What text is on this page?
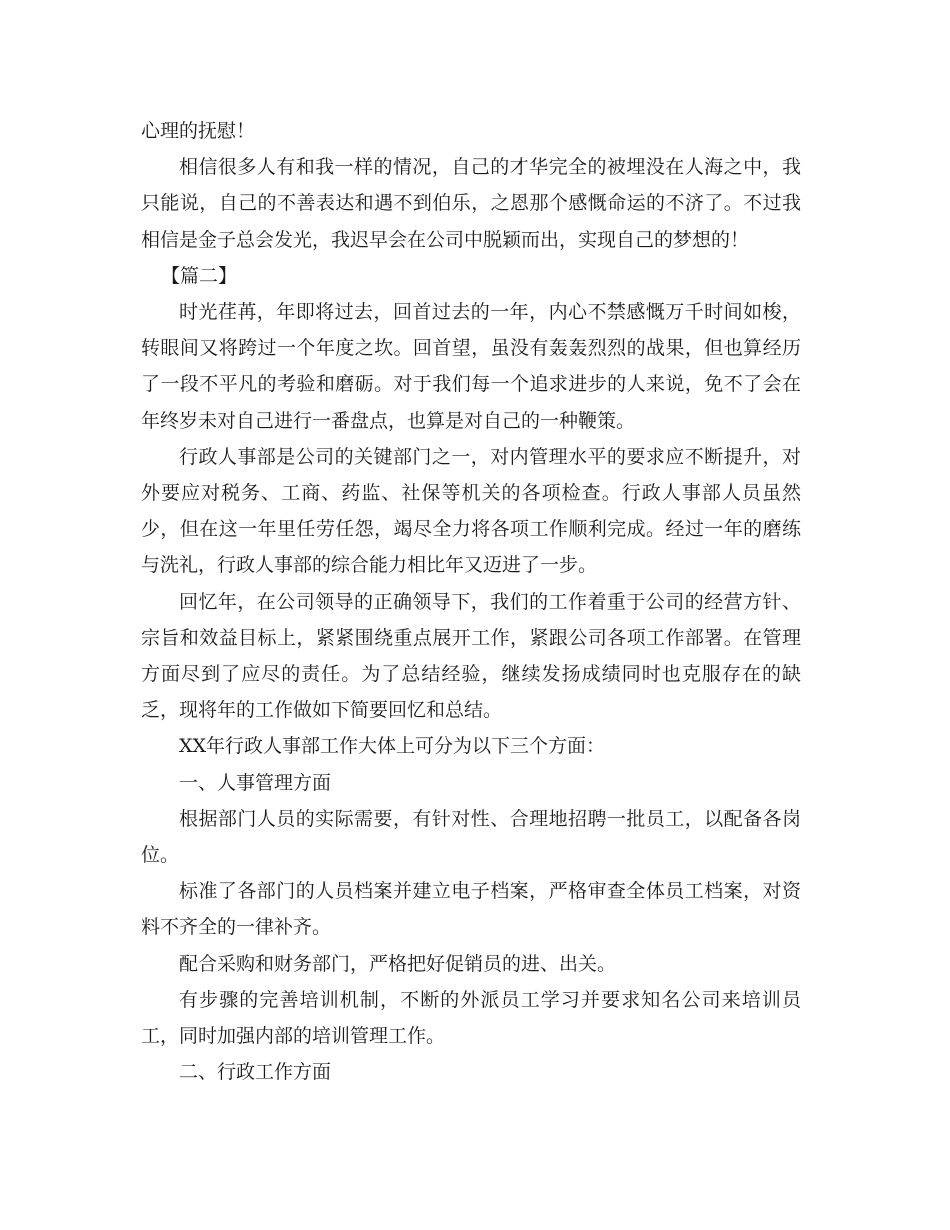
心理的抚慰！

相信很多人有和我一样的情况，自己的才华完全的被埋没在人海之中，我只能说，自己的不善表达和遇不到伯乐，之恩那个感慨命运的不济了。不过我相信是金子总会发光，我迟早会在公司中脱颖而出，实现自己的梦想的！

【篇二】

时光荏苒，年即将过去，回首过去的一年，内心不禁感慨万千时间如梭，转眼间又将跨过一个年度之坎。回首望，虽没有轰轰烈烈的战果，但也算经历了一段不平凡的考验和磨砺。对于我们每一个追求进步的人来说，免不了会在年终岁未对自己进行一番盘点，也算是对自己的一种鞭策。

行政人事部是公司的关键部门之一，对内管理水平的要求应不断提升，对外要应对税务、工商、药监、社保等机关的各项检查。行政人事部人员虽然少，但在这一年里任劳任怨，竭尽全力将各项工作顺利完成。经过一年的磨练与洗礼，行政人事部的综合能力相比年又迈进了一步。

回忆年，在公司领导的正确领导下，我们的工作着重于公司的经营方针、宗旨和效益目标上，紧紧围绕重点展开工作，紧跟公司各项工作部署。在管理方面尽到了应尽的责任。为了总结经验，继续发扬成绩同时也克服存在的缺乏，现将年的工作做如下简要回忆和总结。

XX年行政人事部工作大体上可分为以下三个方面：

一、人事管理方面

根据部门人员的实际需要，有针对性、合理地招聘一批员工，以配备各岗位。

标准了各部门的人员档案并建立电子档案，严格审查全体员工档案，对资料不齐全的一律补齐。

配合采购和财务部门，严格把好促销员的进、出关。

有步骤的完善培训机制，不断的外派员工学习并要求知名公司来培训员工，同时加强内部的培训管理工作。

二、行政工作方面
